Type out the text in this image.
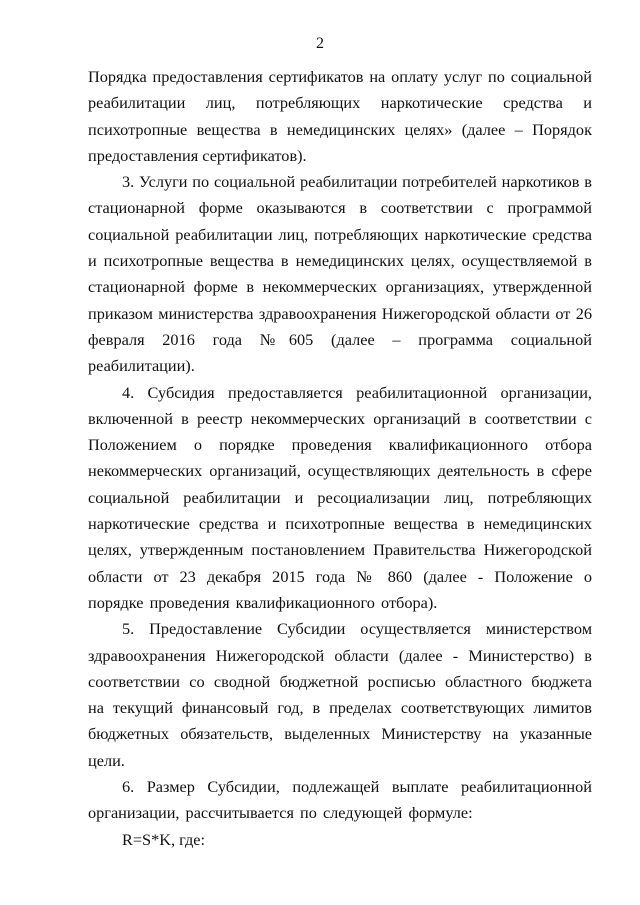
2

Порядка предоставления сертификатов на оплату услуг по социальной реабилитации лиц, потребляющих наркотические средства и психотропные вещества в немедицинских целях» (далее – Порядок предоставления сертификатов).

3. Услуги по социальной реабилитации потребителей наркотиков в стационарной форме оказываются в соответствии с программой социальной реабилитации лиц, потребляющих наркотические средства и психотропные вещества в немедицинских целях, осуществляемой в стационарной форме в некоммерческих организациях, утвержденной приказом министерства здравоохранения Нижегородской области от 26 февраля 2016 года №605 (далее – программа социальной реабилитации).

4. Субсидия предоставляется реабилитационной организации, включенной в реестр некоммерческих организаций в соответствии с Положением о порядке проведения квалификационного отбора некоммерческих организаций, осуществляющих деятельность в сфере социальной реабилитации и ресоциализации лиц, потребляющих наркотические средства и психотропные вещества в немедицинских целях, утвержденным постановлением Правительства Нижегородской области от 23 декабря 2015 года № 860 (далее - Положение о порядке проведения квалификационного отбора).

5. Предоставление Субсидии осуществляется министерством здравоохранения Нижегородской области (далее - Министерство) в соответствии со сводной бюджетной росписью областного бюджета на текущий финансовый год, в пределах соответствующих лимитов бюджетных обязательств, выделенных Министерству на указанные цели.

6. Размер Субсидии, подлежащей выплате реабилитационной организации, рассчитывается по следующей формуле:

R=S*K, где:
